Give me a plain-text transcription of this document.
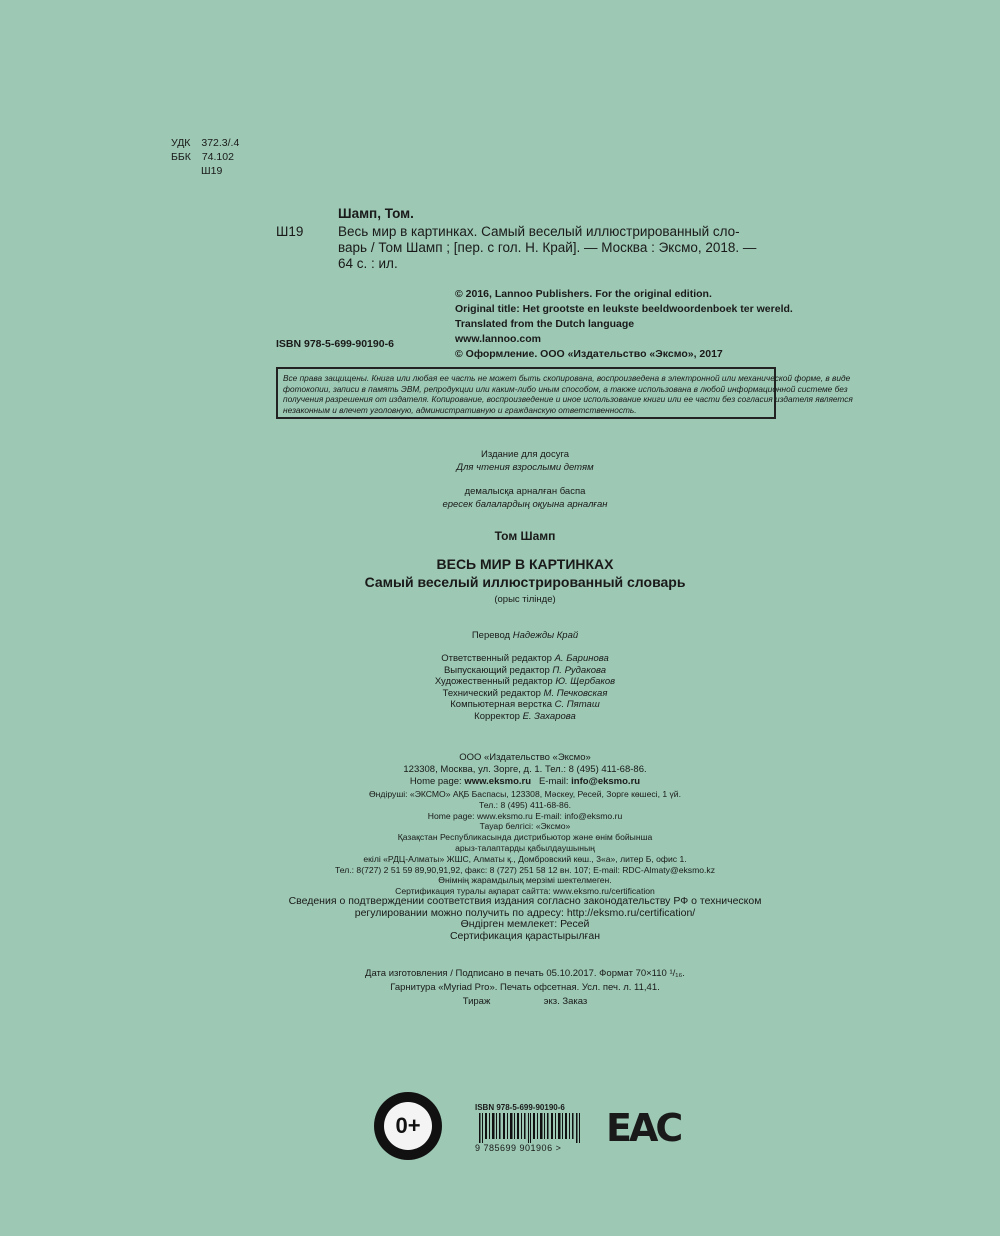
УДК 372.3/.4
ББК 74.102
Ш19
Шамп, Том.
Ш19	Весь мир в картинках. Самый веселый иллюстрированный сло-
варь / Том Шамп ; [пер. с гол. Н. Край]. — Москва : Эксмо, 2018. —
64 с. : ил.
© 2016, Lannoo Publishers. For the original edition.
Original title: Het grootste en leukste beeldwoordenboek ter wereld.
Translated from the Dutch language
www.lannoo.com
© Оформление. ООО «Издательство «Эксмо», 2017
ISBN 978-5-699-90190-6
Все права защищены. Книга или любая ее часть не может быть скопирована, воспроизведена в электронной или механической форме, в виде
фотокопии, записи в память ЭВМ, репродукции или каким-либо иным способом, а также использована в любой информационной системе без
получения разрешения от издателя. Копирование, воспроизведение и иное использование книги или ее части без согласия издателя является
незаконным и влечет уголовную, административную и гражданскую ответственность.
Издание для досуга
Для чтения взрослыми детям
демалысқа арналған баспа
ересек балалардың оқуына арналған
Том Шамп
ВЕСЬ МИР В КАРТИНКАХ
Самый веселый иллюстрированный словарь
(орыс тілінде)
Перевод Надежды Край
Ответственный редактор А. Баринова
Выпускающий редактор П. Рудакова
Художественный редактор Ю. Щербаков
Технический редактор М. Печковская
Компьютерная верстка С. Пяташ
Корректор Е. Захарова
ООО «Издательство «Эксмо»
123308, Москва, ул. Зорге, д. 1. Тел.: 8 (495) 411-68-86.
Home page: www.eksmo.ru E-mail: info@eksmo.ru
Өндіруші: «ЭКСМО» АҚБ Баспасы, 123308, Мәскеу, Ресей, Зорге көшесі, 1 үй.
Тел.: 8 (495) 411-68-86.
Home page: www.eksmo.ru E-mail: info@eksmo.ru
Тауар белгісі: «Эксмо»
Қазақстан Республикасында дистрибьютор және өнім бойынша
арыз-талаптарды қабылдаушының
екілі «РДЦ-Алматы» ЖШС, Алматы қ., Домбровский көш., 3«а», литер Б, офис 1.
Тел.: 8(727) 2 51 59 89,90,91,92, факс: 8 (727) 251 58 12 вн. 107; E-mail: RDC-Almaty@eksmo.kz
Өнімнің жарамдылық мерзімі шектелмеген.
Сертификация туралы ақпарат сайтта: www.eksmo.ru/certification
Сведения о подтверждении соответствия издания согласно законодательству РФ о техническом
регулировании можно получить по адресу: http://eksmo.ru/certification/
Өндірген мемлекет: Ресей
Сертификация қарастырылған
Дата изготовления / Подписано в печать 05.10.2017. Формат 70×110 ¹/₁₆.
Гарнитура «Myriad Pro». Печать офсетная. Усл. печ. л. 11,41.
Тираж	экз. Заказ
0+
ISBN 978-5-699-90190-6
9 785699 901906 >	EAC
